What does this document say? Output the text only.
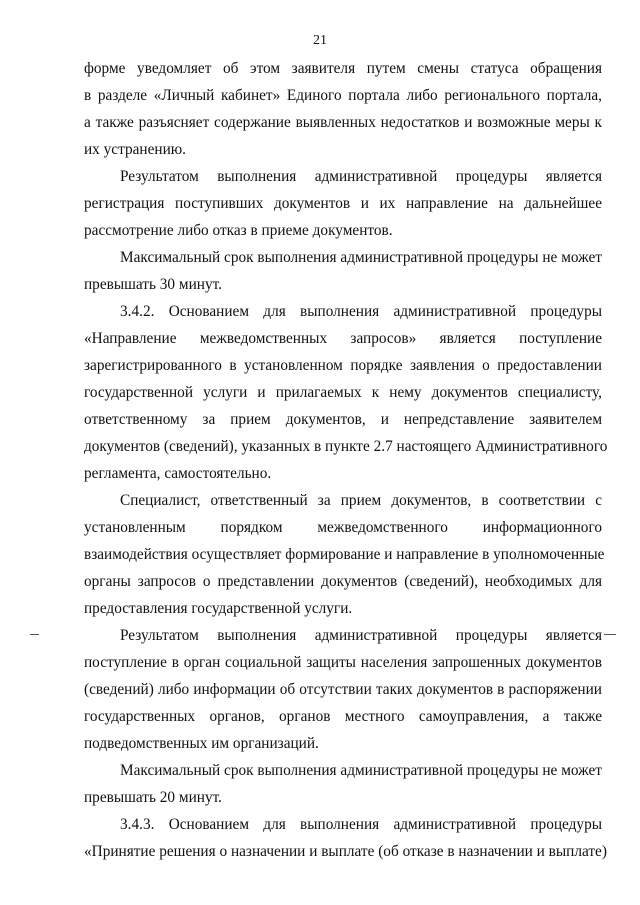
21
форме уведомляет об этом заявителя путем смены статуса обращения
в разделе «Личный кабинет» Единого портала либо регионального портала,
а также разъясняет содержание выявленных недостатков и возможные меры к
их устранению.
Результатом выполнения административной процедуры является
регистрация поступивших документов и их направление на дальнейшее
рассмотрение либо отказ в приеме документов.
Максимальный срок выполнения административной процедуры не может
превышать 30 минут.
3.4.2. Основанием для выполнения административной процедуры
«Направление межведомственных запросов» является поступление
зарегистрированного в установленном порядке заявления о предоставлении
государственной услуги и прилагаемых к нему документов специалисту,
ответственному за прием документов, и непредставление заявителем
документов (сведений), указанных в пункте 2.7 настоящего Административного
регламента, самостоятельно.
Специалист, ответственный за прием документов, в соответствии с
установленным порядком межведомственного информационного
взаимодействия осуществляет формирование и направление в уполномоченные
органы запросов о представлении документов (сведений), необходимых для
предоставления государственной услуги.
Результатом выполнения административной процедуры является
поступление в орган социальной защиты населения запрошенных документов
(сведений) либо информации об отсутствии таких документов в распоряжении
государственных органов, органов местного самоуправления, а также
подведомственных им организаций.
Максимальный срок выполнения административной процедуры не может
превышать 20 минут.
3.4.3. Основанием для выполнения административной процедуры
«Принятие решения о назначении и выплате (об отказе в назначении и выплате)
